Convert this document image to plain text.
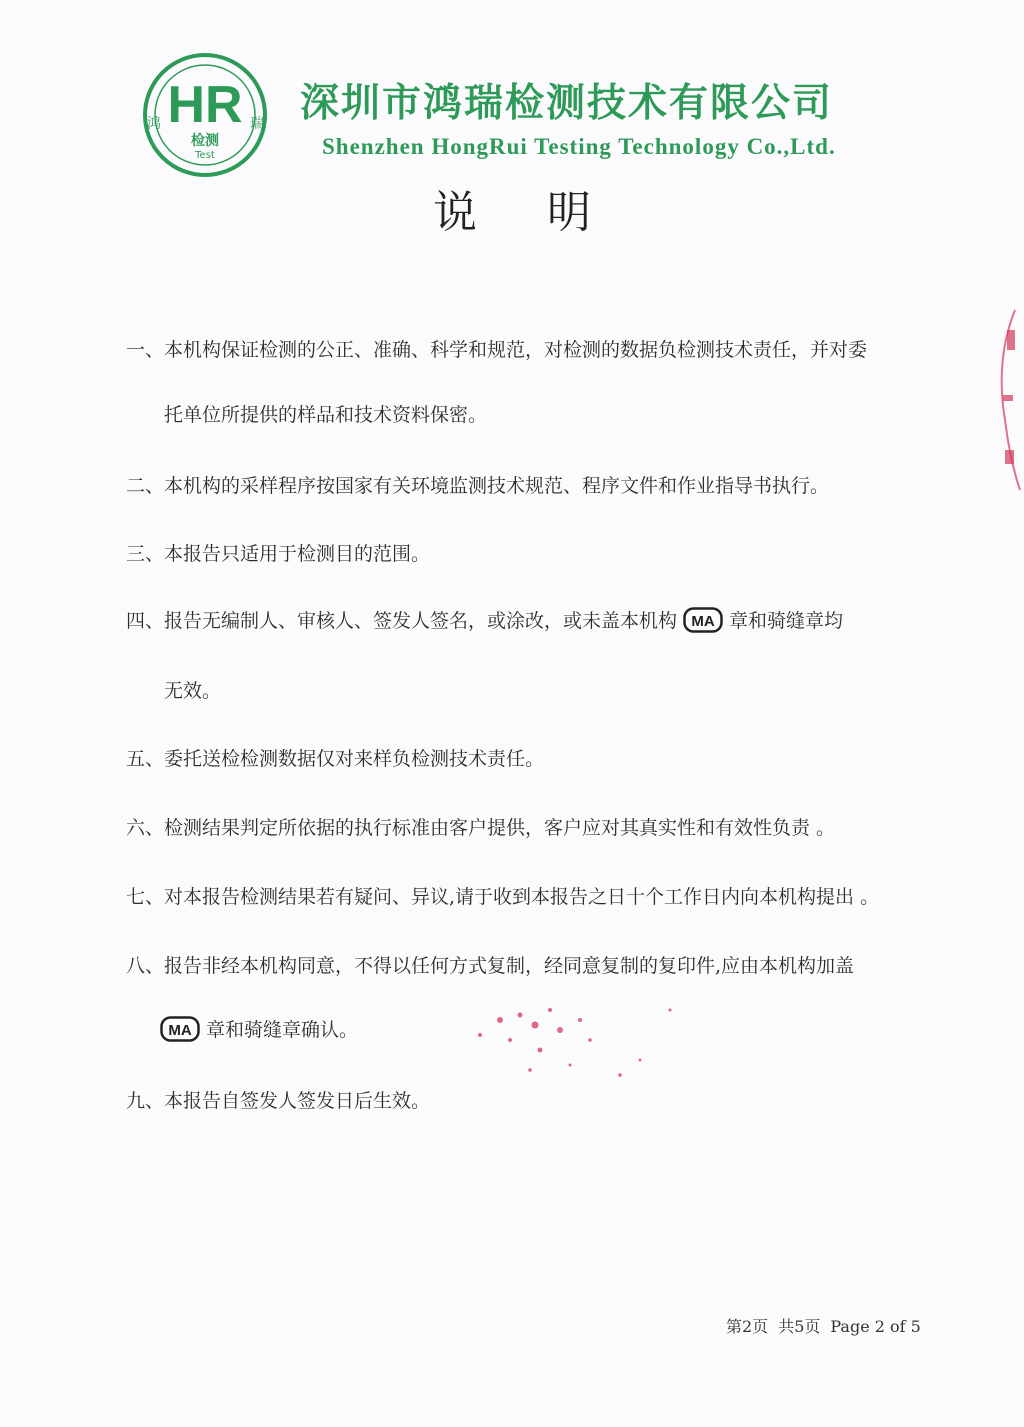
HR
鸿	瑞
检测
Test
深圳市鸿瑞检测技术有限公司
Shenzhen HongRui Testing Technology Co.,Ltd.
说明
一、本机构保证检测的公正、准确、科学和规范，对检测的数据负检测技术责任，并对委
托单位所提供的样品和技术资料保密。
二、本机构的采样程序按国家有关环境监测技术规范、程序文件和作业指导书执行。
三、本报告只适用于检测目的范围。
四、报告无编制人、审核人、签发人签名，或涂改，或未盖本机构 MA 章和骑缝章均
无效。
五、委托送检检测数据仅对来样负检测技术责任。
六、检测结果判定所依据的执行标准由客户提供，客户应对其真实性和有效性负责 。
七、对本报告检测结果若有疑问、异议,请于收到本报告之日十个工作日内向本机构提出 。
八、报告非经本机构同意，不得以任何方式复制，经同意复制的复印件,应由本机构加盖
MA 章和骑缝章确认。
九、本报告自签发人签发日后生效。
第2页 共5页 Page 2 of 5
